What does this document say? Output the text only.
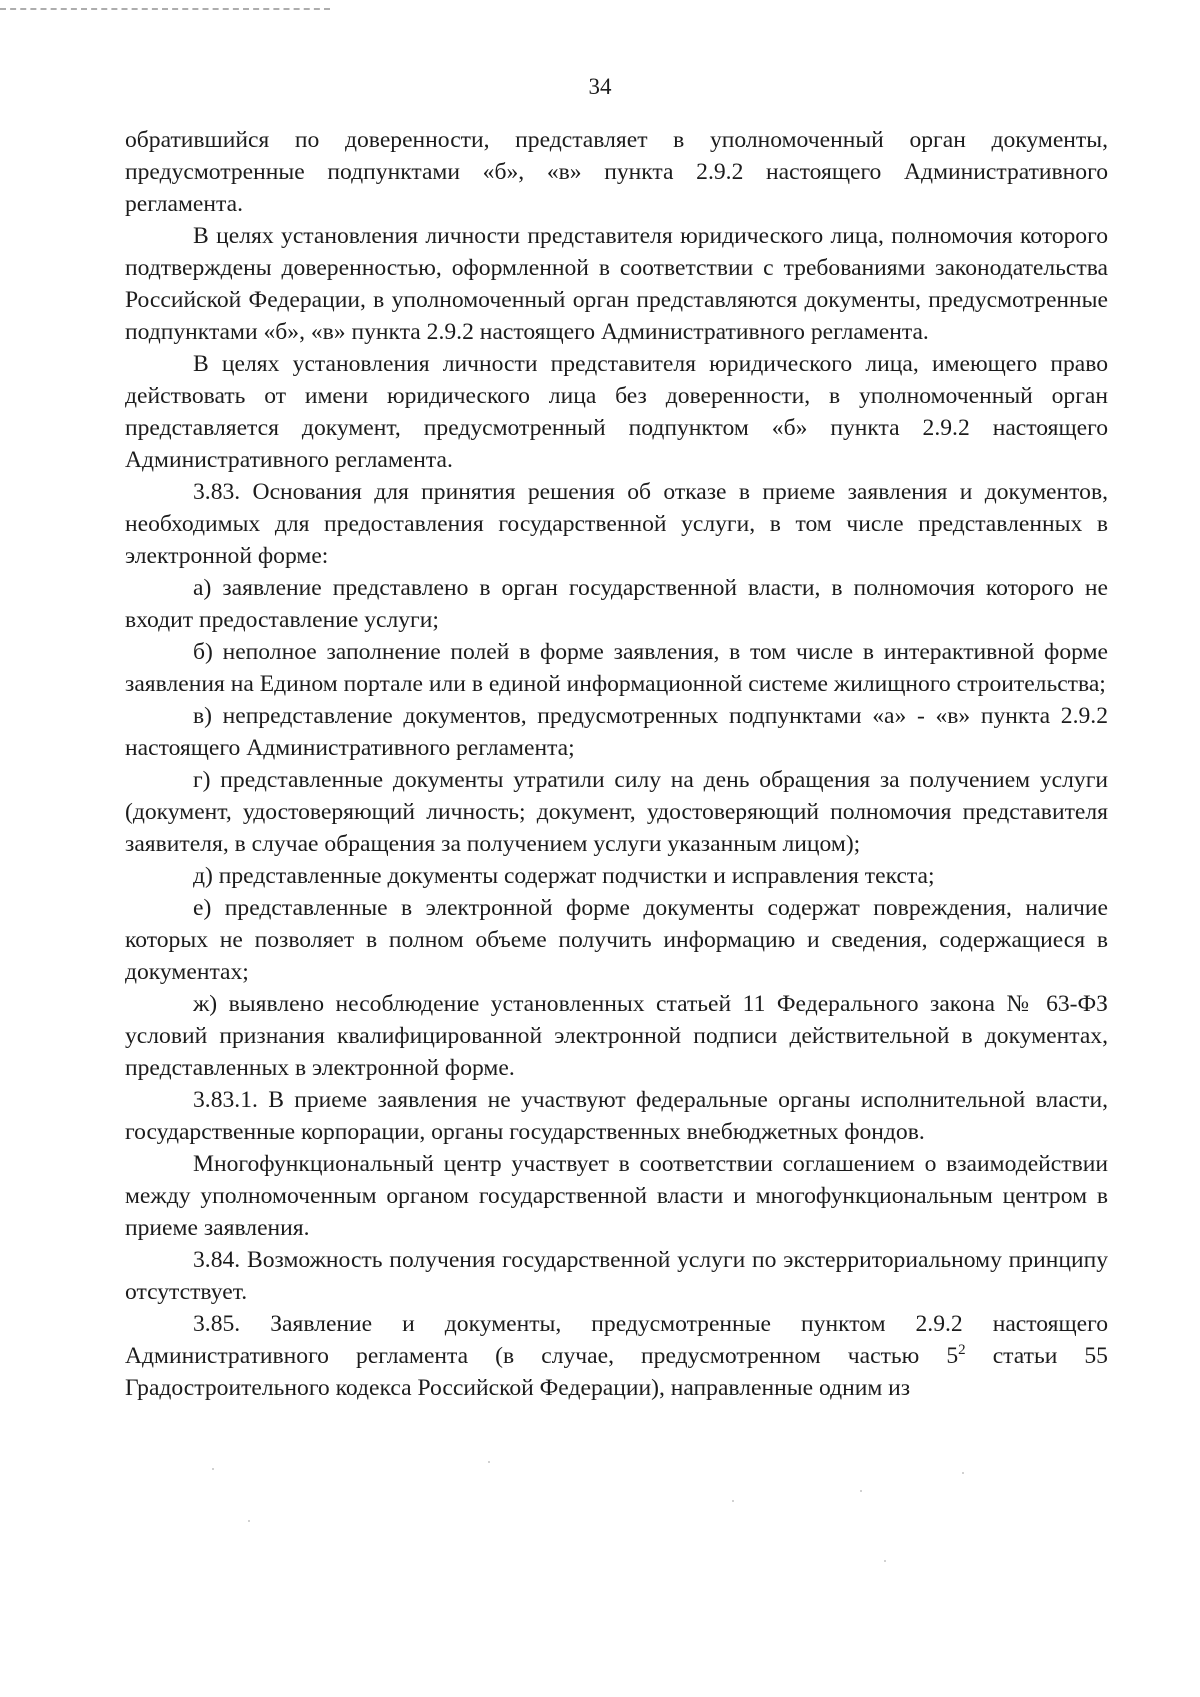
34

обратившийся по доверенности, представляет в уполномоченный орган документы, предусмотренные подпунктами «б», «в» пункта 2.9.2 настоящего Административного регламента.

В целях установления личности представителя юридического лица, полномочия которого подтверждены доверенностью, оформленной в соответствии с требованиями законодательства Российской Федерации, в уполномоченный орган представляются документы, предусмотренные подпунктами «б», «в» пункта 2.9.2 настоящего Административного регламента.

В целях установления личности представителя юридического лица, имеющего право действовать от имени юридического лица без доверенности, в уполномоченный орган представляется документ, предусмотренный подпунктом «б» пункта 2.9.2 настоящего Административного регламента.

3.83. Основания для принятия решения об отказе в приеме заявления и документов, необходимых для предоставления государственной услуги, в том числе представленных в электронной форме:

а) заявление представлено в орган государственной власти, в полномочия которого не входит предоставление услуги;

б) неполное заполнение полей в форме заявления, в том числе в интерактивной форме заявления на Едином портале или в единой информационной системе жилищного строительства;

в) непредставление документов, предусмотренных подпунктами «а» - «в» пункта 2.9.2 настоящего Административного регламента;

г) представленные документы утратили силу на день обращения за получением услуги (документ, удостоверяющий личность; документ, удостоверяющий полномочия представителя заявителя, в случае обращения за получением услуги указанным лицом);

д) представленные документы содержат подчистки и исправления текста;

е) представленные в электронной форме документы содержат повреждения, наличие которых не позволяет в полном объеме получить информацию и сведения, содержащиеся в документах;

ж) выявлено несоблюдение установленных статьей 11 Федерального закона № 63-ФЗ условий признания квалифицированной электронной подписи действительной в документах, представленных в электронной форме.

3.83.1. В приеме заявления не участвуют федеральные органы исполнительной власти, государственные корпорации, органы государственных внебюджетных фондов.

Многофункциональный центр участвует в соответствии соглашением о взаимодействии между уполномоченным органом государственной власти и многофункциональным центром в приеме заявления.

3.84. Возможность получения государственной услуги по экстерриториальному принципу отсутствует.

3.85. Заявление и документы, предусмотренные пунктом 2.9.2 настоящего Административного регламента (в случае, предусмотренном частью $5^2$ статьи 55 Градостроительного кодекса Российской Федерации), направленные одним из
